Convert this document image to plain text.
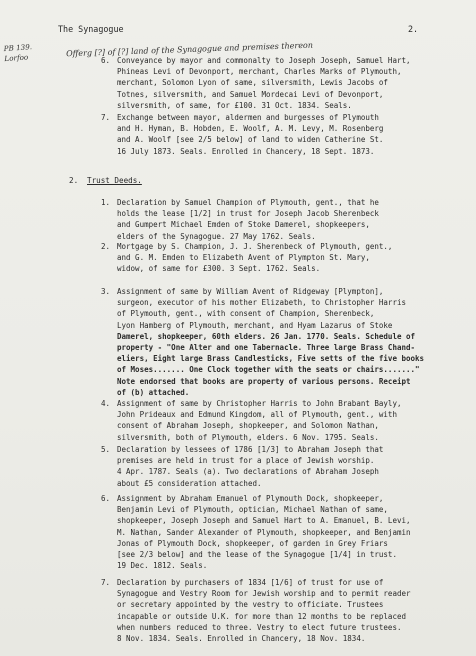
The Synagogue	2.
PB 139.
Lorfoo	Offerg [?] of [?] land of the Synagogue and premises thereon
6. Conveyance by mayor and commonalty to Joseph Joseph, Samuel Hart,
Phineas Levi of Devonport, merchant, Charles Marks of Plymouth,
merchant, Solomon Lyon of same, silversmith, Lewis Jacobs of
Totnes, silversmith, and Samuel Mordecai Levi of Devonport,
silversmith, of same, for £100. 31 Oct. 1834. Seals.
7. Exchange between mayor, aldermen and burgesses of Plymouth
and H. Hyman, B. Hobden, E. Woolf, A. M. Levy, M. Rosenberg
and A. Woolf [see 2/5 below] of land to widen Catherine St.
16 July 1873. Seals. Enrolled in Chancery, 18 Sept. 1873.
2. Trust Deeds.
1. Declaration by Samuel Champion of Plymouth, gent., that he
holds the lease [1/2] in trust for Joseph Jacob Sherenbeck
and Gumpert Michael Emden of Stoke Damerel, shopkeepers,
elders of the Synagogue. 27 May 1762. Seals.
2. Mortgage by S. Champion, J. J. Sherenbeck of Plymouth, gent.,
and G. M. Emden to Elizabeth Avent of Plympton St. Mary,
widow, of same for £300. 3 Sept. 1762. Seals.
3. Assignment of same by William Avent of Ridgeway [Plympton],
surgeon, executor of his mother Elizabeth, to Christopher Harris
of Plymouth, gent., with consent of Champion, Sherenbeck,
Lyon Hamberg of Plymouth, merchant, and Hyam Lazarus of Stoke
Damerel, shopkeeper, 60th elders. 26 Jan. 1770. Seals. Schedule of
property - "One Alter and one Tabernacle. Three large Brass Chand-
eliers, Eight large Brass Candlesticks, Five setts of the five books
of Moses....... One Clock together with the seats or chairs......."
Note endorsed that books are property of various persons. Receipt
of (b) attached.
4. Assignment of same by Christopher Harris to John Brabant Bayly,
John Prideaux and Edmund Kingdom, all of Plymouth, gent., with
consent of Abraham Joseph, shopkeeper, and Solomon Nathan,
silversmith, both of Plymouth, elders. 6 Nov. 1795. Seals.
5. Declaration by lessees of 1786 [1/3] to Abraham Joseph that
premises are held in trust for a place of Jewish worship.
4 Apr. 1787. Seals (a). Two declarations of Abraham Joseph
about £5 consideration attached.
6. Assignment by Abraham Emanuel of Plymouth Dock, shopkeeper,
Benjamin Levi of Plymouth, optician, Michael Nathan of same,
shopkeeper, Joseph Joseph and Samuel Hart to A. Emanuel, B. Levi,
M. Nathan, Sander Alexander of Plymouth, shopkeeper, and Benjamin
Jonas of Plymouth Dock, shopkeeper, of garden in Grey Friars
[see 2/3 below] and the lease of the Synagogue [1/4] in trust.
19 Dec. 1812. Seals.
7. Declaration by purchasers of 1834 [1/6] of trust for use of
Synagogue and Vestry Room for Jewish worship and to permit reader
or secretary appointed by the vestry to officiate. Trustees
incapable or outside U.K. for more than 12 months to be replaced
when numbers reduced to three. Vestry to elect future trustees.
8 Nov. 1834. Seals. Enrolled in Chancery, 18 Nov. 1834.
